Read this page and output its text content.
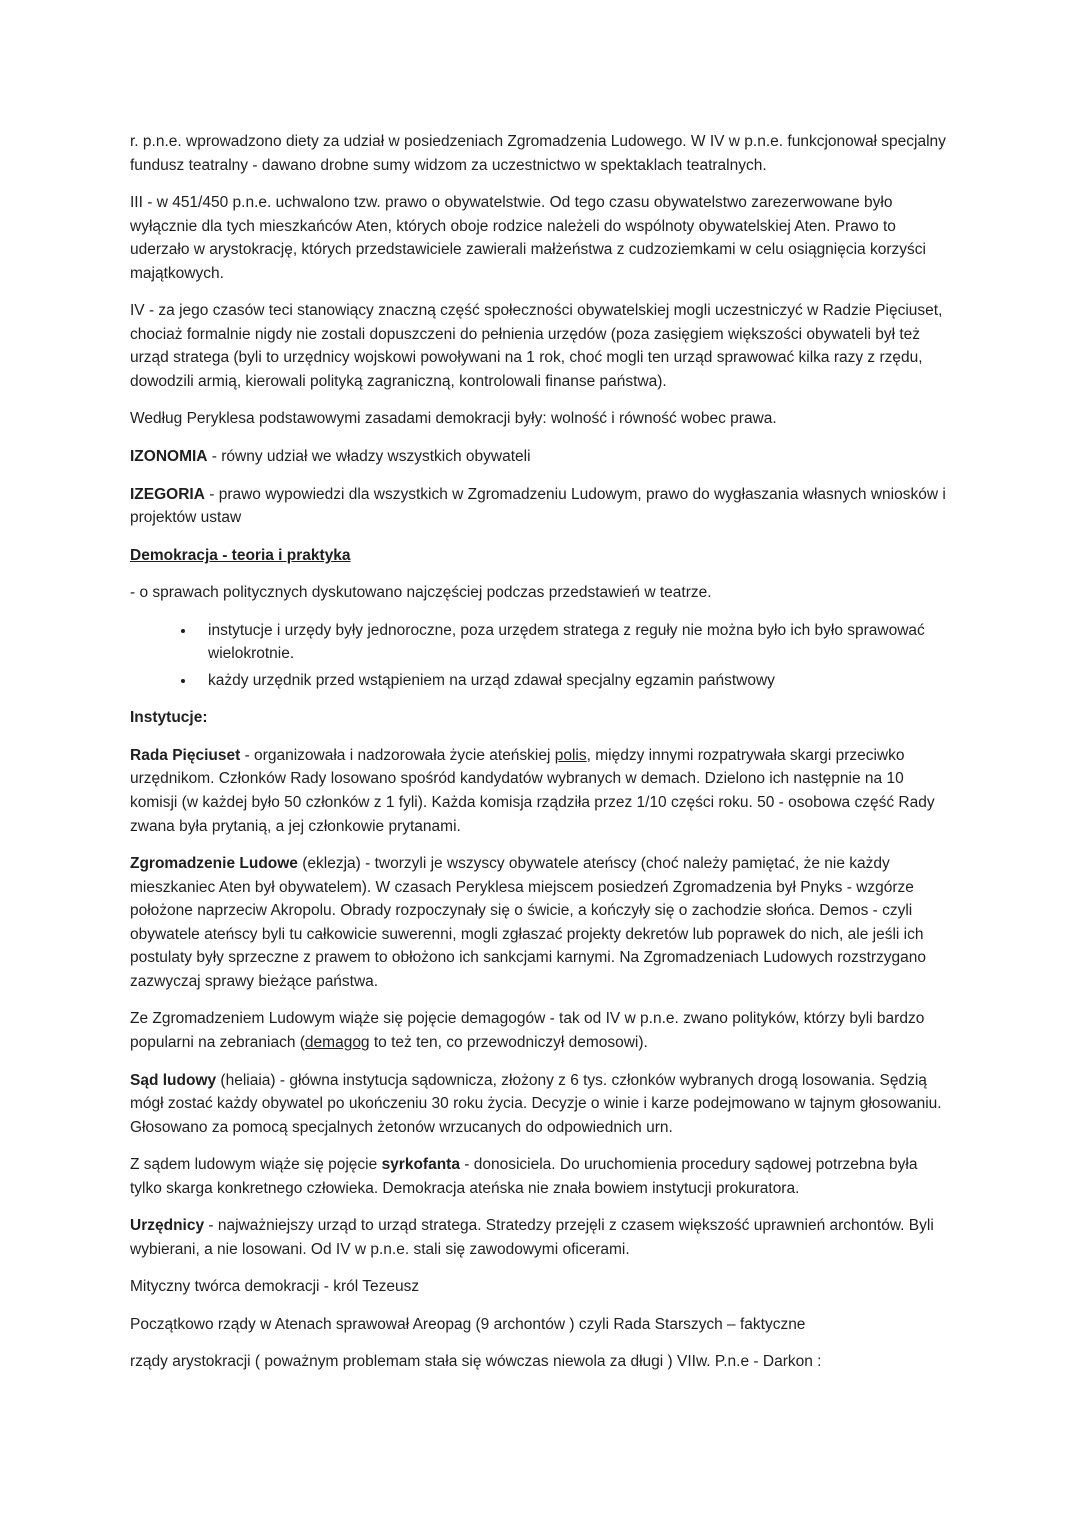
r. p.n.e. wprowadzono diety za udział w posiedzeniach Zgromadzenia Ludowego. W IV w p.n.e. funkcjonował specjalny fundusz teatralny - dawano drobne sumy widzom za uczestnictwo w spektaklach teatralnych.

III - w 451/450 p.n.e. uchwalono tzw. prawo o obywatelstwie. Od tego czasu obywatelstwo zarezerwowane było wyłącznie dla tych mieszkańców Aten, których oboje rodzice należeli do wspólnoty obywatelskiej Aten. Prawo to uderzało w arystokrację, których przedstawiciele zawierali małżeństwa z cudzoziemkami w celu osiągnięcia korzyści majątkowych.

IV - za jego czasów teci stanowiący znaczną część społeczności obywatelskiej mogli uczestniczyć w Radzie Pięciuset, chociaż formalnie nigdy nie zostali dopuszczeni do pełnienia urzędów (poza zasięgiem większości obywateli był też urząd stratega (byli to urzędnicy wojskowi powoływani na 1 rok, choć mogli ten urząd sprawować kilka razy z rzędu, dowodzili armią, kierowali polityką zagraniczną, kontrolowali finanse państwa).

Według Peryklesa podstawowymi zasadami demokracji były: wolność i równość wobec prawa.

IZONOMIA - równy udział we władzy wszystkich obywateli

IZEGORIA - prawo wypowiedzi dla wszystkich w Zgromadzeniu Ludowym, prawo do wygłaszania własnych wniosków i projektów ustaw

Demokracja - teoria i praktyka

- o sprawach politycznych dyskutowano najczęściej podczas przedstawień w teatrze.

• instytucje i urzędy były jednoroczne, poza urzędem stratega z reguły nie można było ich było sprawować wielokrotnie.
• każdy urzędnik przed wstąpieniem na urząd zdawał specjalny egzamin państwowy

Instytucje:

Rada Pięciuset - organizowała i nadzorowała życie ateńskiej polis, między innymi rozpatrywała skargi przeciwko urzędnikom. Członków Rady losowano spośród kandydatów wybranych w demach. Dzielono ich następnie na 10 komisji (w każdej było 50 członków z 1 fyli). Każda komisja rządziła przez 1/10 części roku. 50 - osobowa część Rady zwana była prytanią, a jej członkowie prytanami.

Zgromadzenie Ludowe (eklezja) - tworzyli je wszyscy obywatele ateńscy (choć należy pamiętać, że nie każdy mieszkaniec Aten był obywatelem). W czasach Peryklesa miejscem posiedzeń Zgromadzenia był Pnyks - wzgórze położone naprzeciw Akropolu. Obrady rozpoczynały się o świcie, a kończyły się o zachodzie słońca. Demos - czyli obywatele ateńscy byli tu całkowicie suwerenni, mogli zgłaszać projekty dekretów lub poprawek do nich, ale jeśli ich postulaty były sprzeczne z prawem to obłożono ich sankcjami karnymi. Na Zgromadzeniach Ludowych rozstrzygano zazwyczaj sprawy bieżące państwa.

Ze Zgromadzeniem Ludowym wiąże się pojęcie demagogów - tak od IV w p.n.e. zwano polityków, którzy byli bardzo popularni na zebraniach (demagog to też ten, co przewodniczył demosowi).

Sąd ludowy (heliaia) - główna instytucja sądownicza, złożony z 6 tys. członków wybranych drogą losowania. Sędzią mógł zostać każdy obywatel po ukończeniu 30 roku życia. Decyzje o winie i karze podejmowano w tajnym głosowaniu. Głosowano za pomocą specjalnych żetonów wrzucanych do odpowiednich urn.

Z sądem ludowym wiąże się pojęcie syrkofanta - donosiciela. Do uruchomienia procedury sądowej potrzebna była tylko skarga konkretnego człowieka. Demokracja ateńska nie znała bowiem instytucji prokuratora.

Urzędnicy - najważniejszy urząd to urząd stratega. Stratedzy przejęli z czasem większość uprawnień archontów. Byli wybierani, a nie losowani. Od IV w p.n.e. stali się zawodowymi oficerami.

Mityczny twórca demokracji - król Tezeusz

Początkowo rządy w Atenach sprawował Areopag (9 archontów ) czyli Rada Starszych – faktyczne

rządy arystokracji ( poważnym problemam stała się wówczas niewola za długi ) VIIw. P.n.e - Darkon :
